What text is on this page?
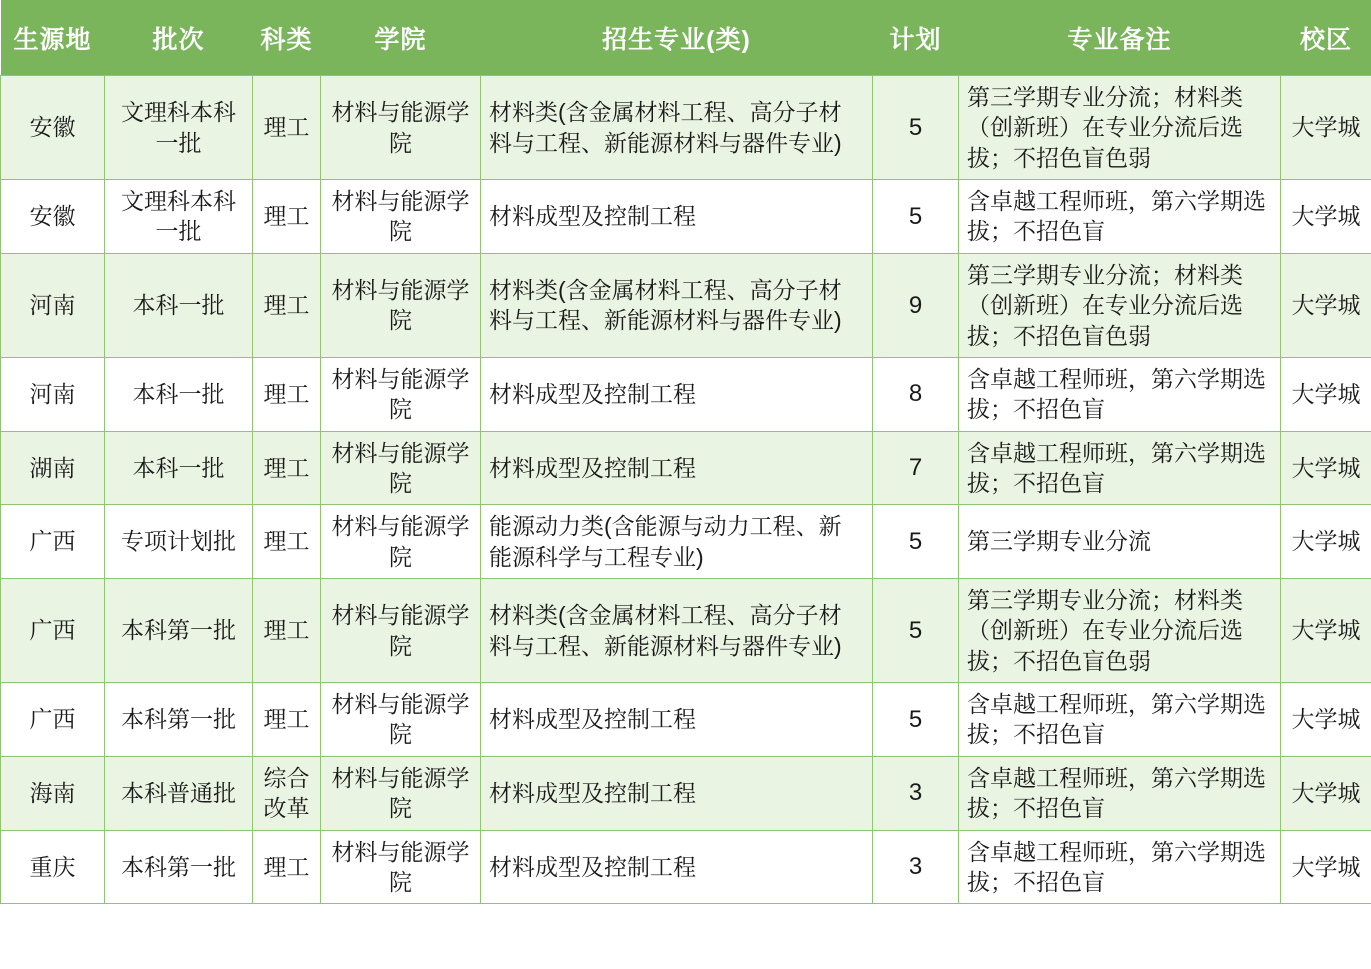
生源地	批次	科类	学院	招生专业(类)	计划	专业备注	校区
安徽	文理科本科一批	理工	材料与能源学院	材料类(含金属材料工程、高分子材料与工程、新能源材料与器件专业)	5	第三学期专业分流；材料类（创新班）在专业分流后选拔；不招色盲色弱	大学城
安徽	文理科本科一批	理工	材料与能源学院	材料成型及控制工程	5	含卓越工程师班，第六学期选拔；不招色盲	大学城
河南	本科一批	理工	材料与能源学院	材料类(含金属材料工程、高分子材料与工程、新能源材料与器件专业)	9	第三学期专业分流；材料类（创新班）在专业分流后选拔；不招色盲色弱	大学城
河南	本科一批	理工	材料与能源学院	材料成型及控制工程	8	含卓越工程师班，第六学期选拔；不招色盲	大学城
湖南	本科一批	理工	材料与能源学院	材料成型及控制工程	7	含卓越工程师班，第六学期选拔；不招色盲	大学城
广西	专项计划批	理工	材料与能源学院	能源动力类(含能源与动力工程、新能源科学与工程专业)	5	第三学期专业分流	大学城
广西	本科第一批	理工	材料与能源学院	材料类(含金属材料工程、高分子材料与工程、新能源材料与器件专业)	5	第三学期专业分流；材料类（创新班）在专业分流后选拔；不招色盲色弱	大学城
广西	本科第一批	理工	材料与能源学院	材料成型及控制工程	5	含卓越工程师班，第六学期选拔；不招色盲	大学城
海南	本科普通批	综合改革	材料与能源学院	材料成型及控制工程	3	含卓越工程师班，第六学期选拔；不招色盲	大学城
重庆	本科第一批	理工	材料与能源学院	材料成型及控制工程	3	含卓越工程师班，第六学期选拔；不招色盲	大学城
